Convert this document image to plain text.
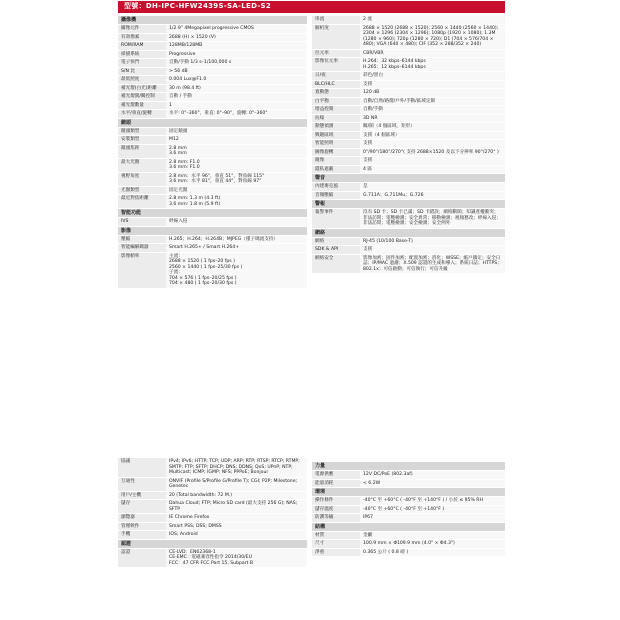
型號：DH-IPC-HFW2439S-SA-LED-S2
攝像機
攝像元件	1/2.9" 4Megapixel progressive CMOS
有效像素	2688 (H) × 1520 (V)
ROM/RAM	128MB/128MB
掃描系統	Progressive
電子快門	自動/手動 1/3 s–1/100,000 s
S/N 比	> 56 dB
最低照度	0.004 Lux@F1.0
補光燈(白光)距離	30 m (98.4 ft)
補光燈開/關控制	自動 / 手動
補光燈數量	1
水平/垂直/旋轉	水平: 0°–360°，垂直: 0°–90°，旋轉: 0°–360°
鏡頭
鏡頭類型	固定鏡頭
安裝類型	M12
鏡頭焦距	2.8 mm
3.6 mm
最大光圈	2.8 mm: F1.0
3.6 mm: F1.0
視野角度	2.8 mm：水平 96°，垂直 51°，對角線 115°
3.6 mm：水平 81°，垂直 44°，對角線 97°
光圈類型	固定光圈
最近對焦距離	2.8 mm: 1.3 m (4.3 ft)
3.6 mm: 1.8 m (5.9 ft)
智能功能
IVS	絆線入侵
影像
壓縮	H.265；H.264；H.264B；MJPEG（僅子碼流支持）
智能編解碼器	Smart H.265+ / Smart H.264+
影像幀率	主流：
2688 × 1520 ( 1 fps–20 fps )
2560 × 1440 ( 1 fps–25/30 fps )
子流：
704 × 576 ( 1 fps–20/25 fps )
704 × 480 ( 1 fps–20/30 fps )
串流	2 流
解析度	2688 × 1520 (2688 × 1520); 2560 × 1440 (2560 × 1440); 2304 × 1296 (2304 × 1296); 1080p (1920 × 1080); 1.3M (1280 × 960); 720p (1280 × 720); D1 (704 × 576/704 × 480); VGA (640 × 480); CIF (352 × 288/352 × 240)
位元率	CBR/VBR
影像位元率	H.264：32 kbps–6144 kbps
H.265：12 kbps–6144 kbps
日/夜	彩色/黑白
BLC/HLC	支援
寬動態	120 dB
白平衡	自動/自然/路燈/戶外/手動/區域定制
增益控制	自動/手動
抗噪	3D NR
動態偵測	關/開（4 個區域，矩形）
興趣區域	支援（4 個區域）
智能照明	支援
圖像旋轉	0°/90°/180°/270°( 支持 2688×1520 及以下分辨率 90°/270° )
鏡像	支援
隱私遮蔽	4 區
聲音
內建麥克風	是
音頻壓縮	G.711A；G.711Mu；G.726
警報
報警事件	沒有 SD 卡；SD 卡已滿；SD 卡錯誤；網絡斷開；知識產權衝突；非法訪問；電壓檢測；安全異常；移動檢測；視頻篡改；絆線入侵；非法訪問；電壓檢測；安全檢測；安全例外
網絡
網絡	RJ-45 (10/100 Base-T)
SDK & API	支援
網絡安全	影像加密；固件加密；配置加密；消化；WSSE；帳戶鎖定；安全日誌；IP/MAC 過濾；X.509 認證的生成和導入；系統日誌；HTTPS；802.1x；可信啟動；可信執行；可信升級
協議	IPv4; IPv6; HTTP; TCP; UDP; ARP; RTP; RTSP; RTCP; RTMP; SMTP; FTP; SFTP; DHCP; DNS; DDNS; QoS; UPnP; NTP; Multicast; ICMP; IGMP; NFS; PPPoE; Bonjour
互通性	ONVIF (Profile S/Profile G/Profile T); CGI; P2P; Milestone; Genetec
用戶/主機	20 (Total bandwidth: 72 M.)
儲存	Dahua Cloud; FTP; Micro SD card (最大支持 256 G); NAS; SFTP
瀏覽器	IE Chrome Firefox
管理軟件	Smart PSS; DSS; DMSS
手機	IOS; Android
認證
認證	CE-LVD：EN62368-1
CE-EMC：電磁兼容性指令 2014/30/EU
FCC：47 CFR FCC Part 15, Subpart B
力量
電源供應	12V DC/PoE (802.3af)
能量消耗	< 6.2W
環境
操作條件	-40°C 至 +60°C ( -40°F 至 +140°F ) / 小於 ≤ 95% RH
儲存溫度	-40°C 至 +60°C ( -40°F 至 +140°F )
防護等級	IP67
結構
材質	金屬
尺寸	100.9 mm × Φ109.9 mm (4.0" × Φ4.3")
淨重	0.365 公斤 ( 0.8 磅 )
